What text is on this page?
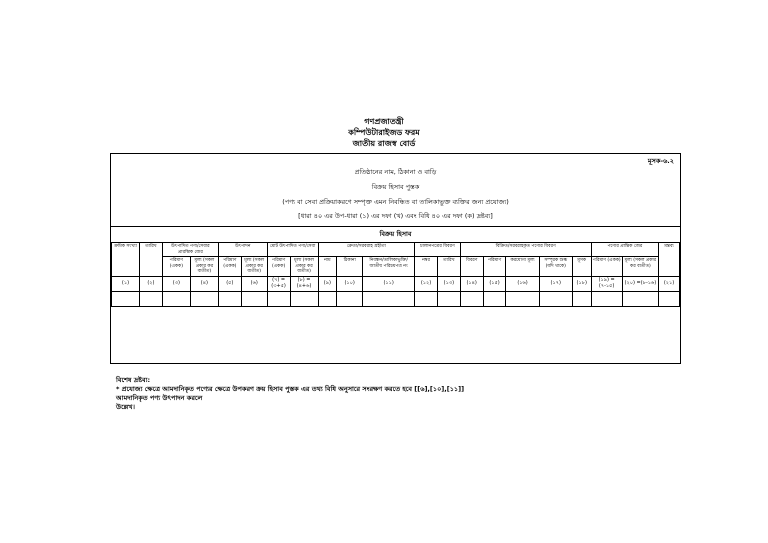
গণপ্রজাতন্ত্রী
কম্পিউটারাইজড ফরম
জাতীয় রাজস্ব বোর্ড
মূসক-৬.২
প্রতিষ্ঠানের নাম, ঠিকানা ও বাড়ি
বিক্রয় হিসাব পুস্তক
(পণ্য বা সেবা প্রক্রিয়াকরণে সম্পৃক্ত এমন নিবন্ধিত বা তালিকাভুক্ত ব্যক্তির জন্য প্রযোজ্য)
[ধারা ৪০ এর উপ-ধারা (১) এর দফা (খ) এবং বিধি ৪০ এর দফা (ক) দ্রষ্টব্য]
বিক্রয় হিসাব
ক্রমিক সংখ্যা	তারিখ	উৎপাদিত পণ্য/সেবার প্রারম্ভিক জের		উৎপাদন		মোট উৎপাদিত পণ্য/সেবা		ক্রেতা/সরবরাহ গ্রহীতা			চালানপত্রের বিবরণ		বিক্রিত/সরবরাহকৃত পণ্যের বিবরণ					পণ্যের প্রান্তিক জের		মন্তব্য
		পরিমাণ (একক)	মূল্য (সকল প্রকার কর ব্যতীত)	পরিমাণ (একক)	মূল্য (সকল প্রকার কর ব্যতীত)	পরিমাণ (একক)	মূল্য (সকল প্রকার কর ব্যতীত)						বিবরণ	পরিমাণ	করযোগ্য মূল্য	সম্পূরক শুল্ক (যদি থাকে)	মূসক	পরিমাণ (একক)	মূল্য (সকল প্রকার কর ব্যতীত)	
								নাম	ঠিকানা	নিবন্ধন/তালিকাভুক্তি/জাতীয় পরিচয়পত্র নং	নম্বর	তারিখ								
(১)	(২)	(৩)	(৪)	(৫)	(৬)	(৭) =(৩+৫)	(৮) =(৪+৬)	(৯)	(১০)	(১১)	(১২)	(১৩)	(১৪)	(১৫)	(১৬)	(১৭)	(১৮)	(১৯) =(৭-১৫)	(২০) =(৮-১৬)	(২১)

বিশেষ দ্রষ্টব্য:
* প্রযোজ্য ক্ষেত্রে আমদানিকৃত পণ্যের ক্ষেত্রে উপকরণ ক্রয় হিসাব পুস্তক এর তথ্য বিধি অনুসারে সংরক্ষণ করতে হবে [[৬],[১০],[১১]]
আমদানিকৃত পণ্য উৎপাদন করলে
উল্লেখ।
